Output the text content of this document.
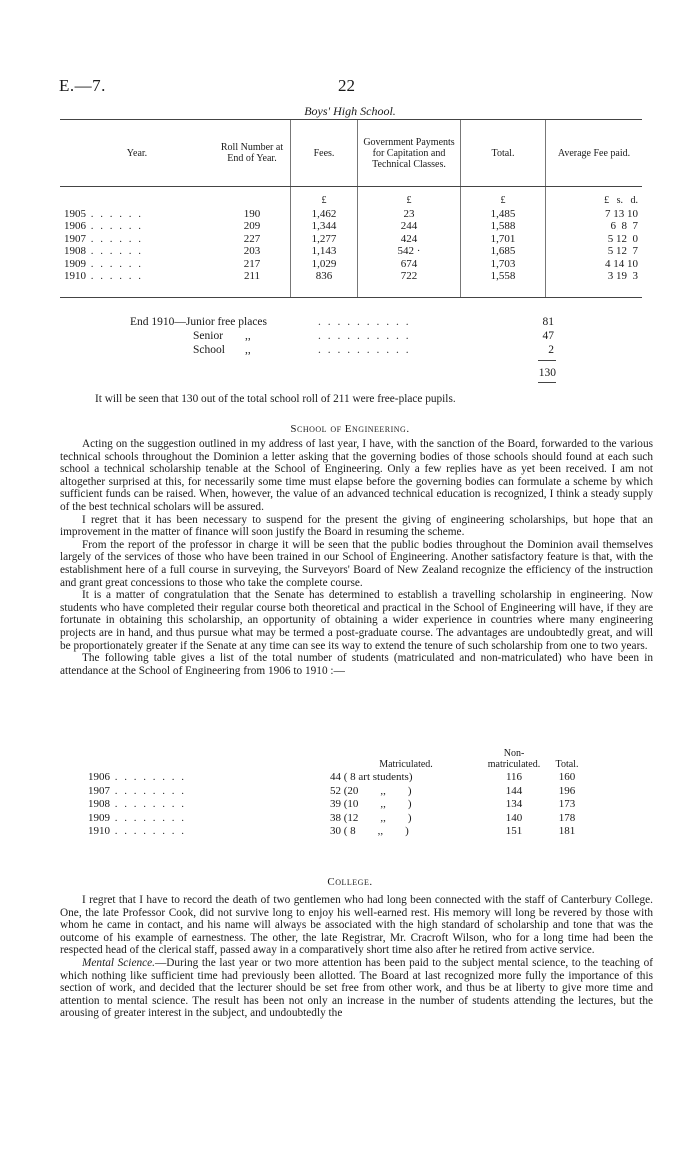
E.—7.	22
Boys' High School.
Year.	Roll Number at End of Year.	Fees.	Government Payments for Capitation and Technical Classes.	Total.	Average Fee paid.
		£	£	£	£   s.   d.
1905 . . . . . .	190	1,462	23	1,485	7 13 10
1906 . . . . . .	209	1,344	244	1,588	6  8  7
1907 . . . . . .	227	1,277	424	1,701	5 12  0
1908 . . . . . .	203	1,143	542 ·	1,685	5 12  7
1909 . . . . . .	217	1,029	674	1,703	4 14 10
1910 . . . . . .	211	836	722	1,558	3 19  3
End 1910—Junior free places	. . . . . . . . . .	81
Senior ,,	. . . . . . . . . .	47
School ,,	. . . . . . . . . .	2
130
It will be seen that 130 out of the total school roll of 211 were free-place pupils.
School of Engineering.

Acting on the suggestion outlined in my address of last year, I have, with the sanction of the Board, forwarded to the various technical schools throughout the Dominion a letter asking that the governing bodies of those schools should found at each such school a technical scholarship tenable at the School of Engineering. Only a few replies have as yet been received. I am not altogether surprised at this, for necessarily some time must elapse before the governing bodies can formulate a scheme by which sufficient funds can be raised. When, however, the value of an advanced technical education is recognized, I think a steady supply of the best technical scholars will be assured.

I regret that it has been necessary to suspend for the present the giving of engineering scholarships, but hope that an improvement in the matter of finance will soon justify the Board in resuming the scheme.

From the report of the professor in charge it will be seen that the public bodies throughout the Dominion avail themselves largely of the services of those who have been trained in our School of Engineering. Another satisfactory feature is that, with the establishment here of a full course in surveying, the Surveyors' Board of New Zealand recognize the efficiency of the instruction and grant great concessions to those who take the complete course.

It is a matter of congratulation that the Senate has determined to establish a travelling scholarship in engineering. Now students who have completed their regular course both theoretical and practical in the School of Engineering will have, if they are fortunate in obtaining this scholarship, an opportunity of obtaining a wider experience in countries where many engineering projects are in hand, and thus pursue what may be termed a post-graduate course. The advantages are undoubtedly great, and will be proportionately greater if the Senate at any time can see its way to extend the tenure of such scholarship from one to two years.

The following table gives a list of the total number of students (matriculated and non-matriculated) who have been in attendance at the School of Engineering from 1906 to 1910 :—

	Matriculated.	Non-matriculated.	Total.	
1906 . . . . . . . .	44 ( 8 art students)	116	160	
1907 . . . . . . . .	52 (20        ,,        )	144	196	
1908 . . . . . . . .	39 (10        ,,        )	134	173	
1909 . . . . . . . .	38 (12        ,,        )	140	178	
1910 . . . . . . . .	30 ( 8        ,,        )	151	181	
College.

I regret that I have to record the death of two gentlemen who had long been connected with the staff of Canterbury College. One, the late Professor Cook, did not survive long to enjoy his well-earned rest. His memory will long be revered by those with whom he came in contact, and his name will always be associated with the high standard of scholarship and tone that was the outcome of his example of earnestness. The other, the late Registrar, Mr. Cracroft Wilson, who for a long time had been the respected head of the clerical staff, passed away in a comparatively short time also after he retired from active service.

Mental Science.—During the last year or two more attention has been paid to the subject mental science, to the teaching of which nothing like sufficient time had previously been allotted. The Board at last recognized more fully the importance of this section of work, and decided that the lecturer should be set free from other work, and thus be at liberty to give more time and attention to mental science. The result has been not only an increase in the number of students attending the lectures, but the arousing of greater interest in the subject, and undoubtedly the
